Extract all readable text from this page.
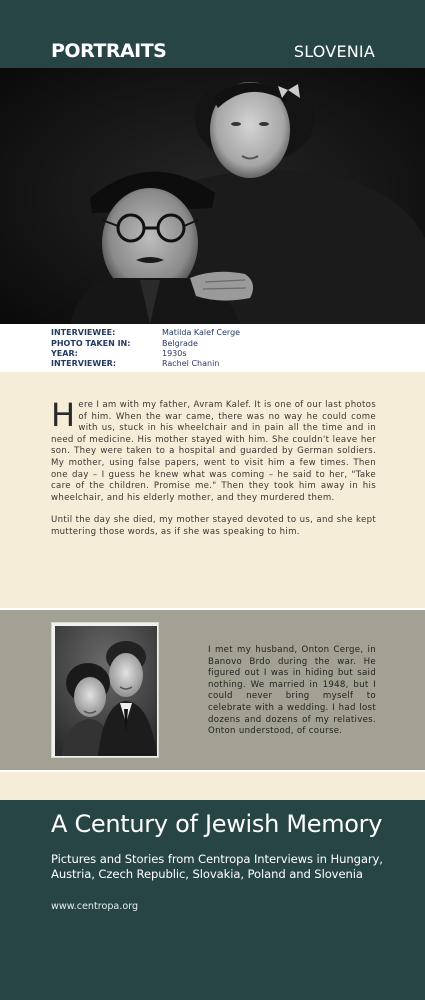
PORTRAITS	SLOVENIA
INTERVIEWEE:	Matilda Kalef Cerge
PHOTO TAKEN IN:	Belgrade
YEAR:	1930s
INTERVIEWER:	Rachel Chanin

Here I am with my father, Avram Kalef. It is one of our last photos of him. When the war came, there was no way he could come with us, stuck in his wheelchair and in pain all the time and in need of medicine. His mother stayed with him. She couldn't leave her son. They were taken to a hospital and guarded by German soldiers. My mother, using false papers, went to visit him a few times. Then one day – I guess he knew what was coming – he said to her, "Take care of the children. Promise me." Then they took him away in his wheelchair, and his elderly mother, and they murdered them.

Until the day she died, my mother stayed devoted to us, and she kept muttering those words, as if she was speaking to him.

I met my husband, Onton Cerge, in Banovo Brdo during the war. He figured out I was in hiding but said nothing. We married in 1948, but I could never bring myself to celebrate with a wedding. I had lost dozens and dozens of my relatives. Onton understood, of course.
A Century of Jewish Memory
Pictures and Stories from Centropa Interviews in Hungary, Austria, Czech Republic, Slovakia, Poland and Slovenia
www.centropa.org
